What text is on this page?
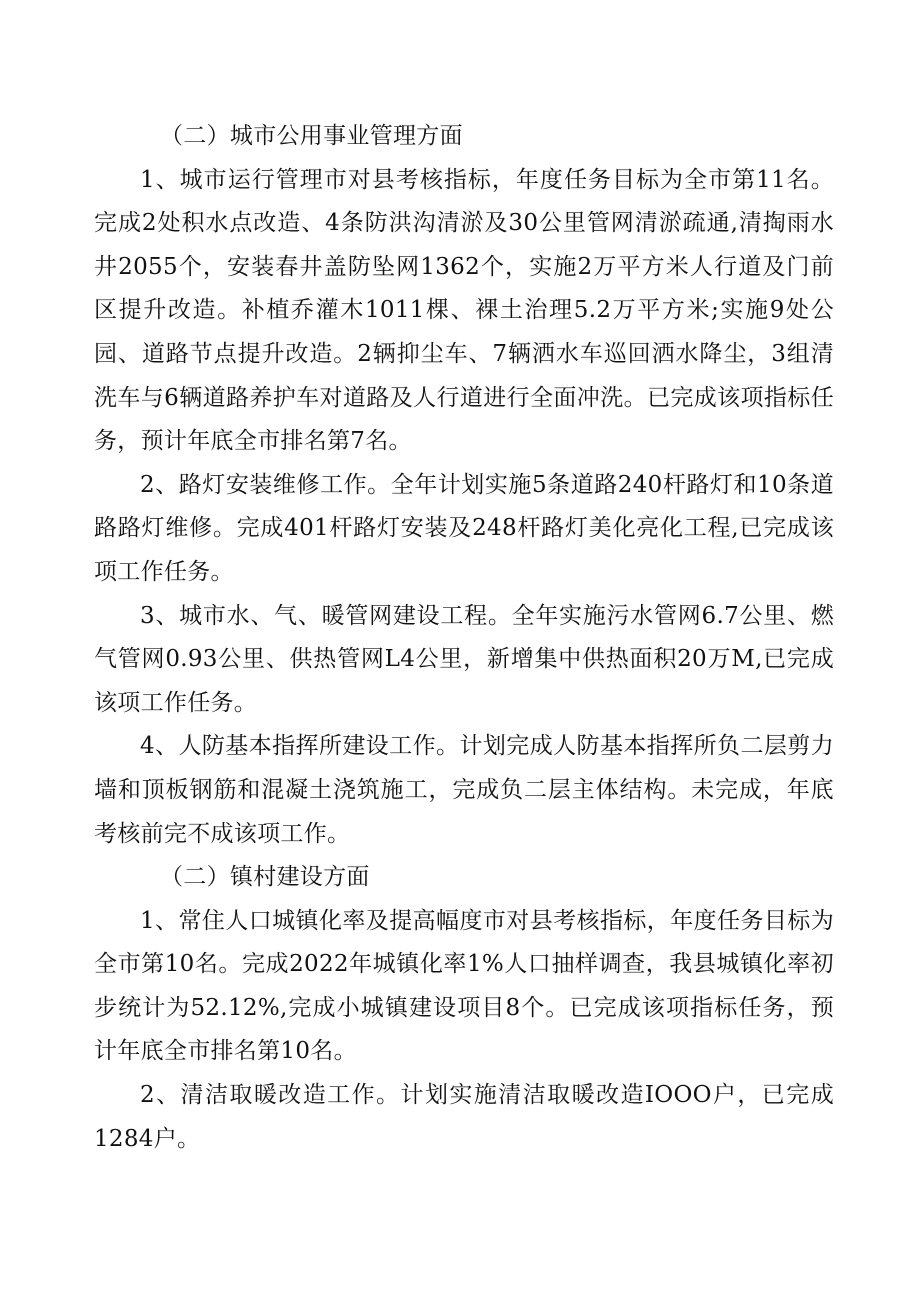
（二）城市公用事业管理方面

1、城市运行管理市对县考核指标，年度任务目标为全市第11名。完成2处积水点改造、4条防洪沟清淤及30公里管网清淤疏通,清掏雨水井2055个，安装春井盖防坠网1362个，实施2万平方米人行道及门前区提升改造。补植乔灌木1011棵、裸土治理5.2万平方米;实施9处公园、道路节点提升改造。2辆抑尘车、7辆洒水车巡回洒水降尘，3组清洗车与6辆道路养护车对道路及人行道进行全面冲洗。已完成该项指标任务，预计年底全市排名第7名。

2、路灯安装维修工作。全年计划实施5条道路240杆路灯和10条道路路灯维修。完成401杆路灯安装及248杆路灯美化亮化工程,已完成该项工作任务。

3、城市水、气、暖管网建设工程。全年实施污水管网6.7公里、燃气管网0.93公里、供热管网L4公里，新增集中供热面积20万M,已完成该项工作任务。

4、人防基本指挥所建设工作。计划完成人防基本指挥所负二层剪力墙和顶板钢筋和混凝土浇筑施工，完成负二层主体结构。未完成，年底考核前完不成该项工作。

（二）镇村建设方面

1、常住人口城镇化率及提高幅度市对县考核指标，年度任务目标为全市第10名。完成2022年城镇化率1%人口抽样调查，我县城镇化率初步统计为52.12%,完成小城镇建设项目8个。已完成该项指标任务，预计年底全市排名第10名。

2、清洁取暖改造工作。计划实施清洁取暖改造IOOO户，已完成1284户。
